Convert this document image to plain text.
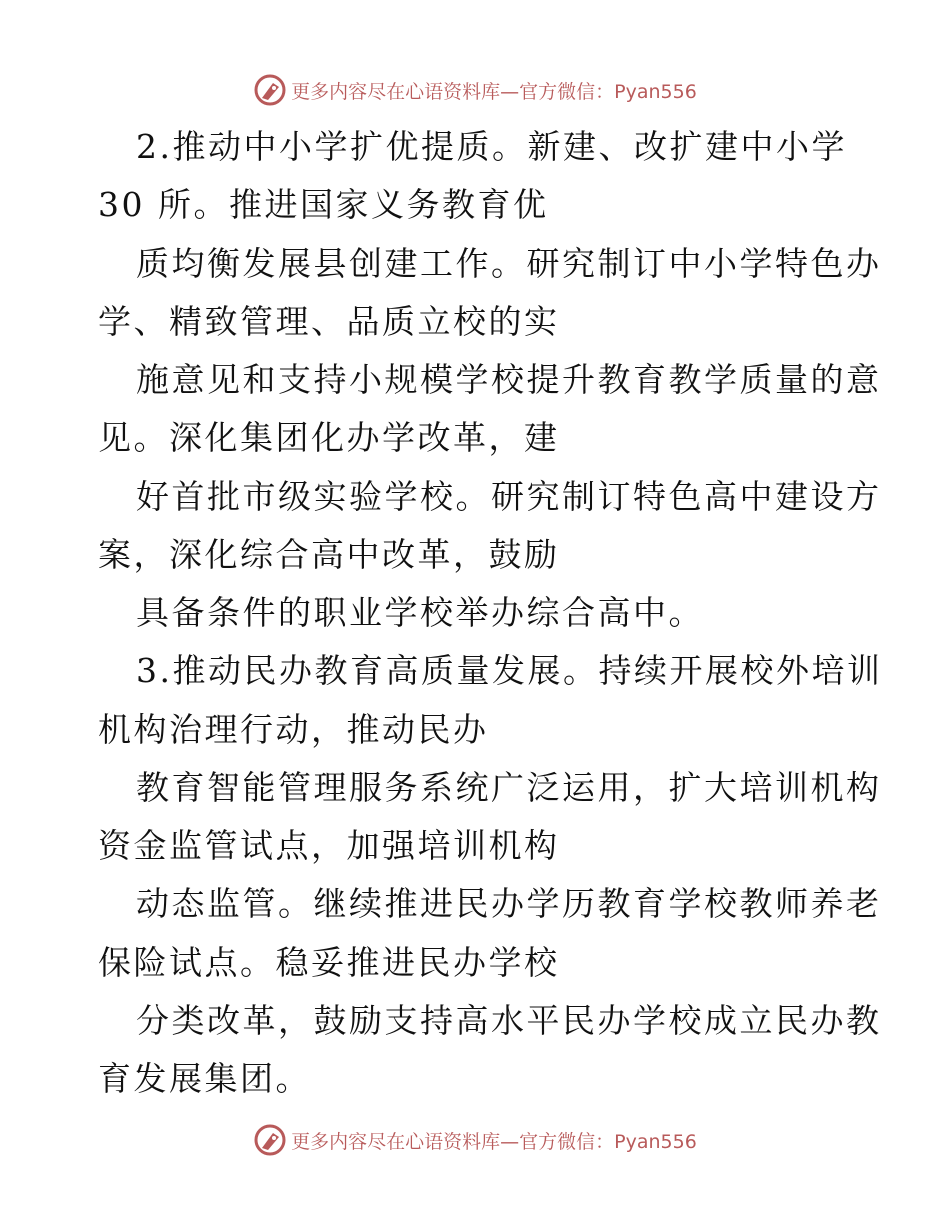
更多内容尽在心语资料库—官方微信：Pyan556
2.推动中小学扩优提质。新建、改扩建中小学
30 所。推进国家义务教育优
质均衡发展县创建工作。研究制订中小学特色办
学、精致管理、品质立校的实
施意见和支持小规模学校提升教育教学质量的意
见。深化集团化办学改革，建
好首批市级实验学校。研究制订特色高中建设方
案，深化综合高中改革，鼓励
具备条件的职业学校举办综合高中。
3.推动民办教育高质量发展。持续开展校外培训
机构治理行动，推动民办
教育智能管理服务系统广泛运用，扩大培训机构
资金监管试点，加强培训机构
动态监管。继续推进民办学历教育学校教师养老
保险试点。稳妥推进民办学校
分类改革，鼓励支持高水平民办学校成立民办教
育发展集团。
更多内容尽在心语资料库—官方微信：Pyan556
